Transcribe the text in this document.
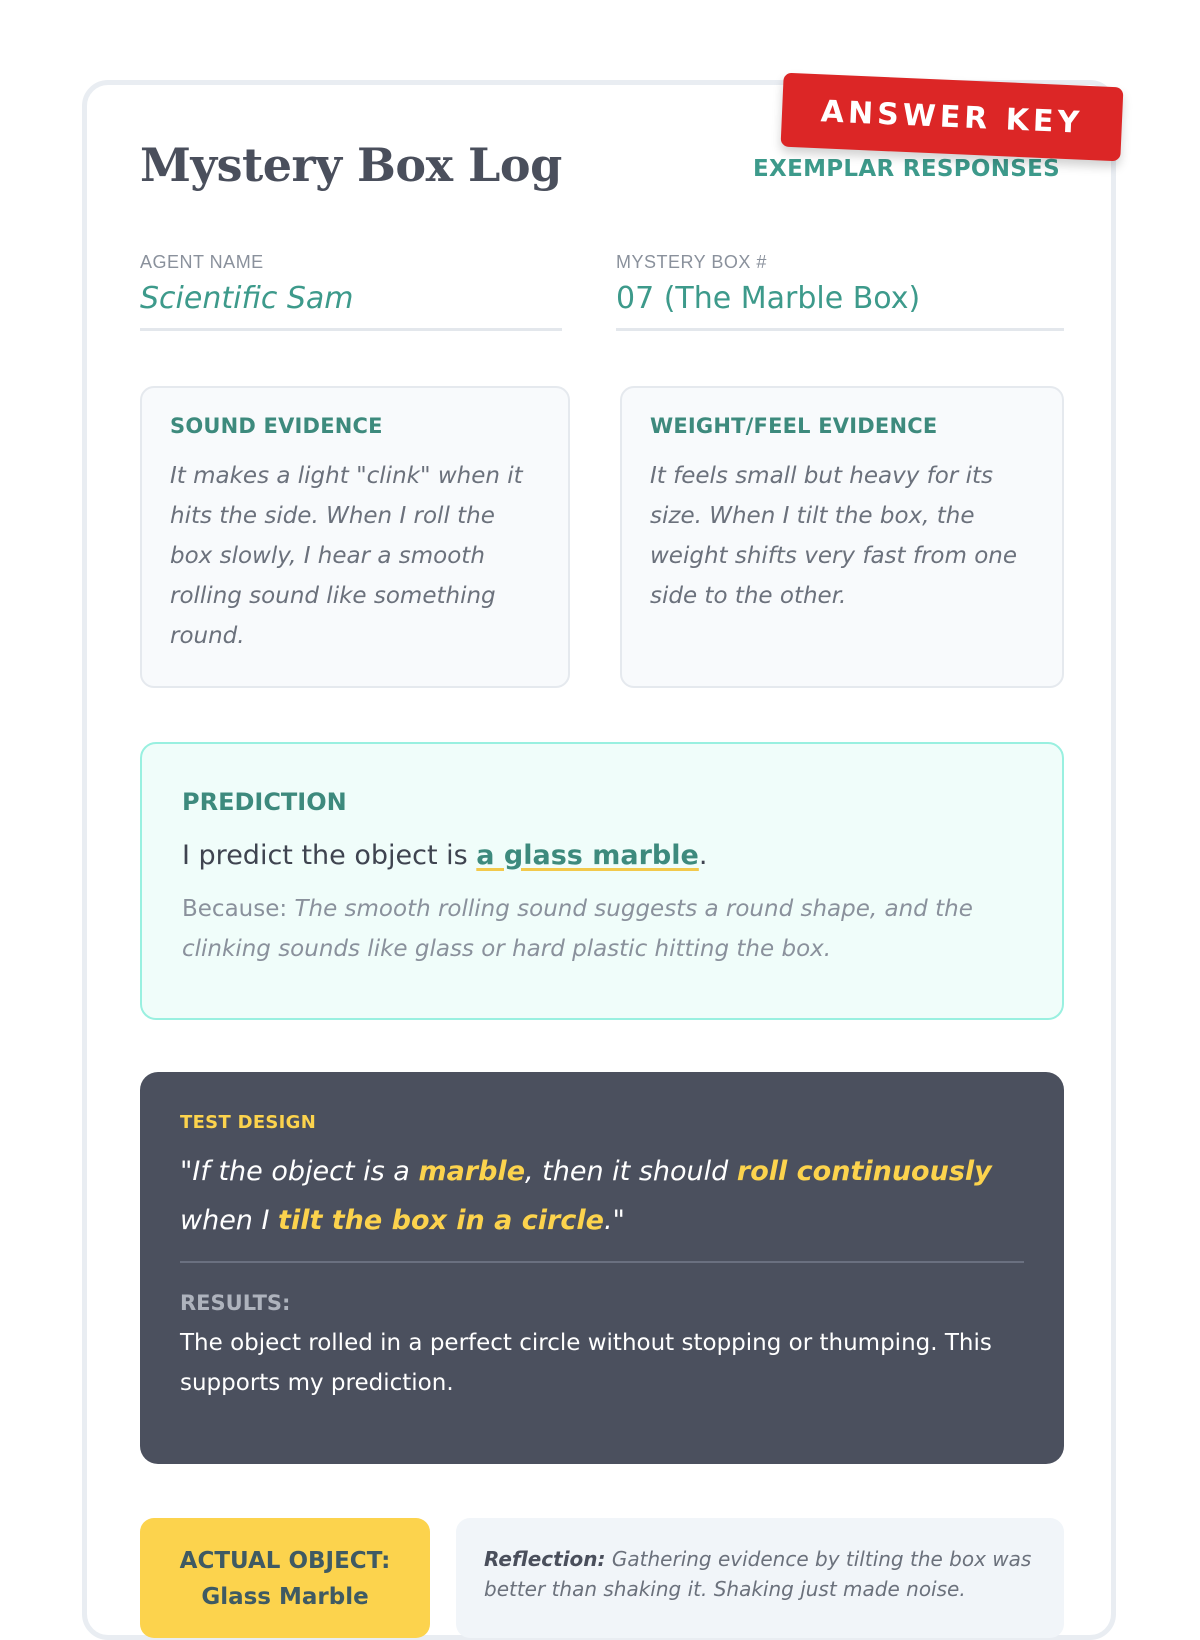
ANSWER KEY
Mystery Box Log	EXEMPLAR RESPONSES
AGENT NAME
Scientific Sam
MYSTERY BOX #
07 (The Marble Box)
SOUND EVIDENCE
It makes a light "clink" when it hits the side. When I roll the box slowly, I hear a smooth rolling sound like something round.
WEIGHT/FEEL EVIDENCE
It feels small but heavy for its size. When I tilt the box, the weight shifts very fast from one side to the other.
PREDICTION
I predict the object is a glass marble.
Because: The smooth rolling sound suggests a round shape, and the clinking sounds like glass or hard plastic hitting the box.
TEST DESIGN
"If the object is a marble, then it should roll continuously when I tilt the box in a circle."
RESULTS:
The object rolled in a perfect circle without stopping or thumping. This supports my prediction.
ACTUAL OBJECT:
Glass Marble
Reflection: Gathering evidence by tilting the box was better than shaking it. Shaking just made noise.
